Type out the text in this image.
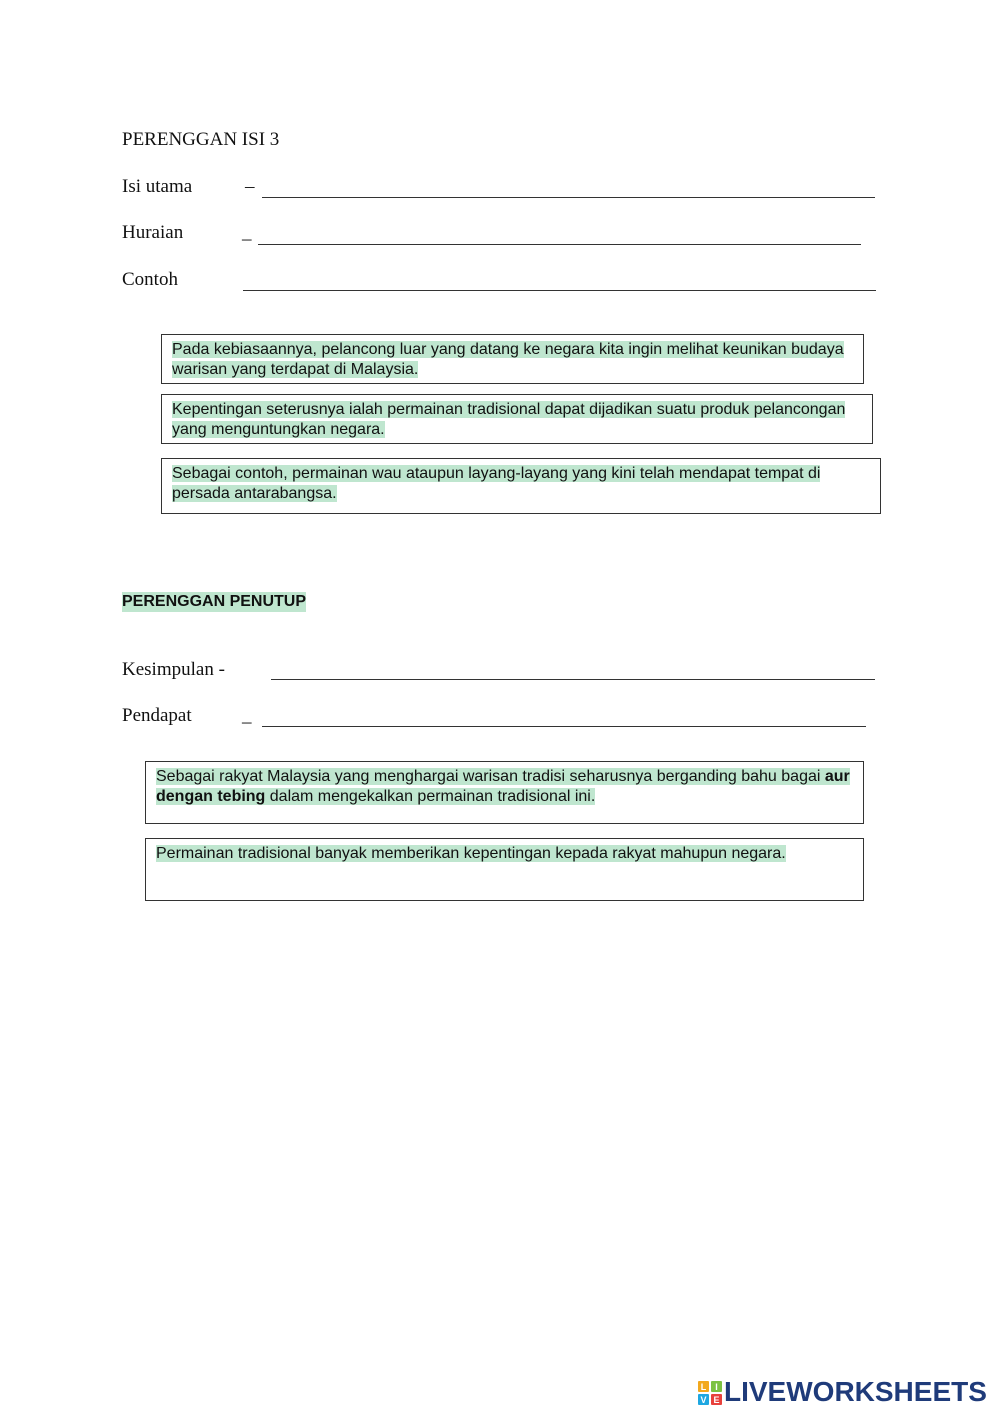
PERENGGAN ISI 3
Isi utama	–
Huraian	_
Contoh
Pada kebiasaannya, pelancong luar yang datang ke negara kita ingin melihat keunikan budaya warisan yang terdapat di Malaysia.
Kepentingan seterusnya ialah permainan tradisional dapat dijadikan suatu produk pelancongan yang menguntungkan negara.
Sebagai contoh, permainan wau ataupun layang-layang yang kini telah mendapat tempat di persada antarabangsa.
PERENGGAN PENUTUP
Kesimpulan -
Pendapat	_
Sebagai rakyat Malaysia yang menghargai warisan tradisi seharusnya berganding bahu bagai aur dengan tebing dalam mengekalkan permainan tradisional ini.
Permainan tradisional banyak memberikan kepentingan kepada rakyat mahupun negara.
L I
V E LIVEWORKSHEETS
